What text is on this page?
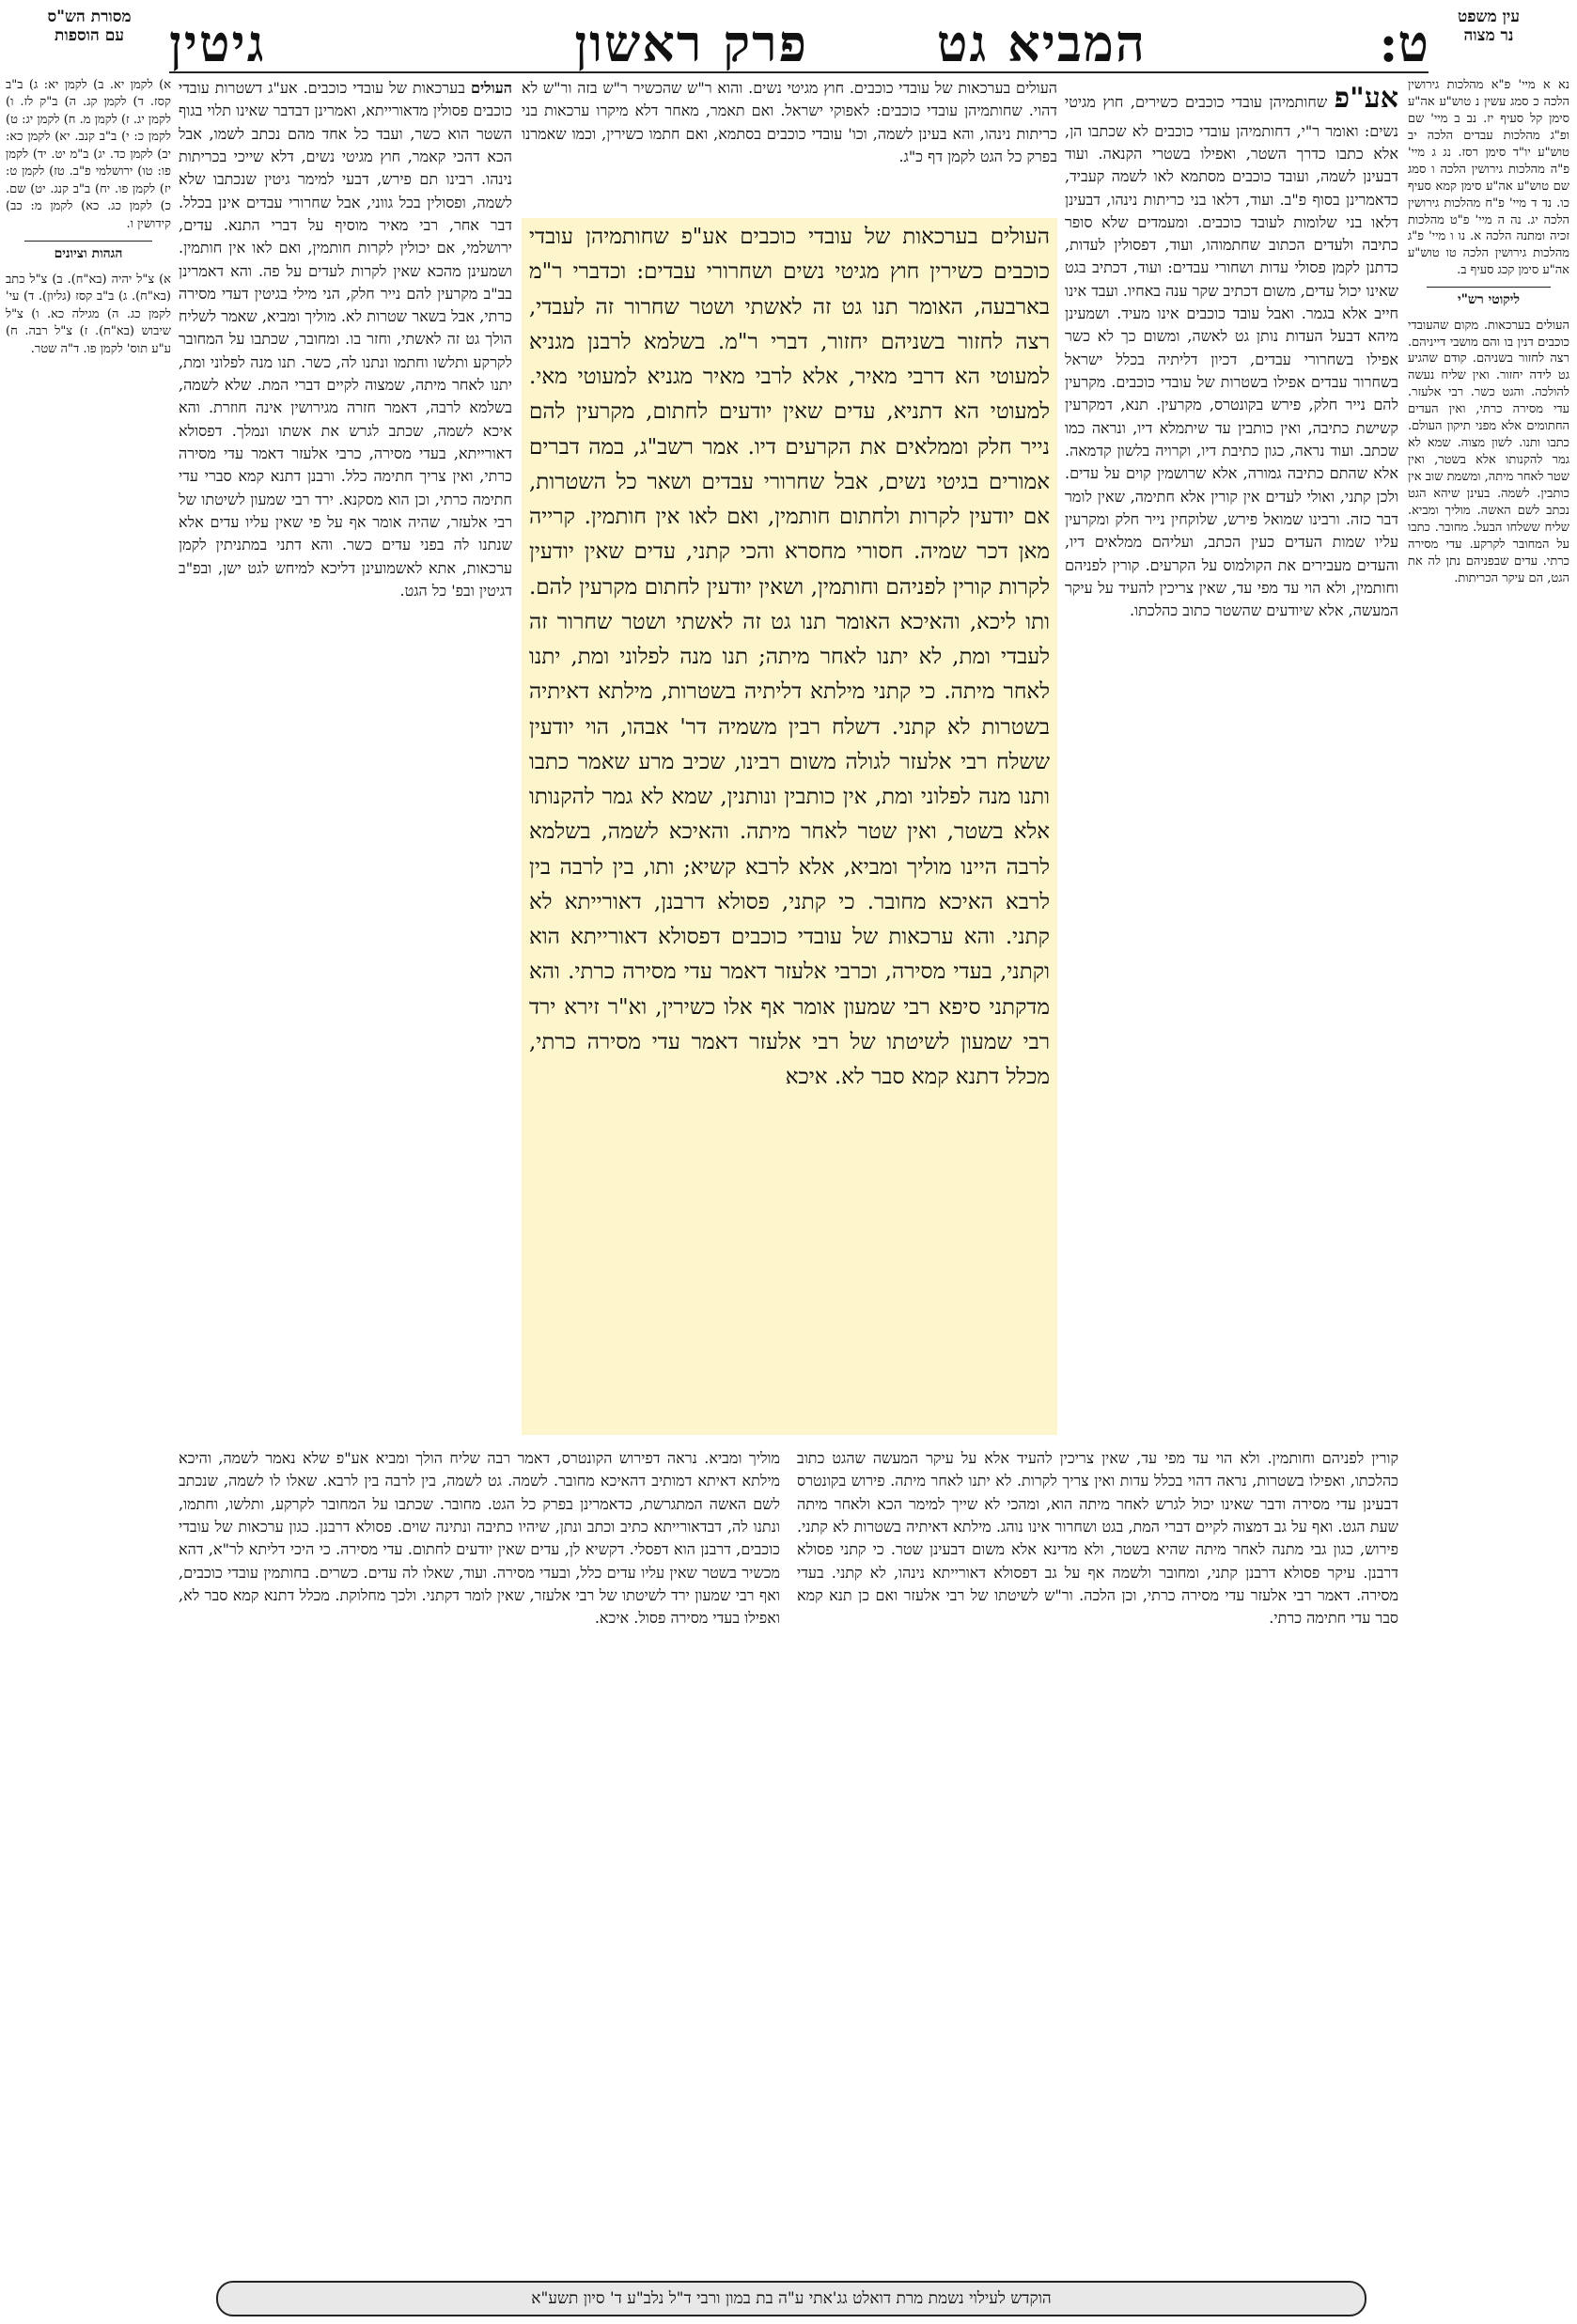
עין משפט
נר מצוה
מסורת הש"ס
עם הוספות	ט:
המביא גט
פרק ראשון
גיטין
נא א מיי' פ"א מהלכות גירושין הלכה כ סמג עשין נ טוש"ע אה"ע סימן קל סעיף יז. נב ב מיי' שם ופ"ג מהלכות עבדים הלכה יב טוש"ע יו"ד סימן רסז. נג ג מיי' פ"ה מהלכות גירושין הלכה ו סמג שם טוש"ע אה"ע סימן קמא סעיף כו. נד ד מיי' פ"ח מהלכות גירושין הלכה יג. נה ה מיי' פ"ט מהלכות זכיה ומתנה הלכה א. נו ו מיי' פ"ג מהלכות גירושין הלכה טו טוש"ע אה"ע סימן קכג סעיף ב.
ליקוטי רש"י
העולים בערכאות. מקום שהעובדי כוכבים דנין בו והם מושבי דייניהם. רצה לחזור בשניהם. קודם שהגיע גט לידה יחזור. ואין שליח נעשה להולכה. והגט כשר. רבי אלעזר. עדי מסירה כרתי, ואין העדים החתומים אלא מפני תיקון העולם. כתבו ותנו. לשון מצוה. שמא לא גמר להקנותו אלא בשטר, ואין שטר לאחר מיתה, ומשמת שוב אין כותבין. לשמה. בעינן שיהא הגט נכתב לשם האשה. מוליך ומביא. שליח ששלחו הבעל. מחובר. כתבו על המחובר לקרקע. עדי מסירה כרתי. עדים שבפניהם נתן לה את הגט, הם עיקר הכריתות.
א) לקמן יא. ב) לקמן יא: ג) ב"ב קסז. ד) לקמן קג. ה) ב"ק לז. ו) לקמן יג. ז) לקמן מ. ח) לקמן יג: ט) לקמן כ: י) ב"ב קנב. יא) לקמן כא: יב) לקמן כד. יג) ב"מ יט. יד) לקמן פו: טו) ירושלמי פ"ב. טז) לקמן ט: יז) לקמן פו. יח) ב"ב קנג. יט) שם. כ) לקמן כג. כא) לקמן מ: כב) קידושין ו.
הגהות וציונים
א) צ"ל יהיה (בא"ח). ב) צ"ל כתב (בא"ח). ג) ב"ב קסז (גליון). ד) עי' לקמן כג. ה) מגילה כא. ו) צ"ל שיבוש (בא"ח). ז) צ"ל רבה. ח) ע"ע תוס' לקמן פו. ד"ה שטר.
אע"פ שחותמיהן עובדי כוכבים כשירים, חוץ מגיטי נשים: ואומר ר"י, דחותמיהן עובדי כוכבים לא שכתבו הן, אלא כתבו כדרך השטר, ואפילו בשטרי הקנאה. ועוד דבעינן לשמה, ועובד כוכבים מסתמא לאו לשמה קעביד, כדאמרינן בסוף פ"ב. ועוד, דלאו בני כריתות נינהו, דבעינן דלאו בני שלומות לעובד כוכבים. ומעמדים שלא סופר כתיבה ולעדים הכתוב שחתמוהו, ועוד, דפסולין לעדות, כדתנן לקמן פסולי עדות ושחורי עבדים: ועוד, דכתיב בגט שאינו יכול עדים, משום דכתיב שקר ענה באחיו. ועבד אינו חייב אלא בגמר. ואבל עובד כוכבים אינו מעיד. ושמעינן מיהא דבעל העדות נותן גט לאשה, ומשום כך לא כשר אפילו בשחרורי עבדים, דכיון דליתיה בכלל ישראל בשחרור עבדים אפילו בשטרות של עובדי כוכבים. מקרעין להם נייר חלק, פירש בקונטרס, מקרעין. תנא, דמקרעין קשישת כתיבה, ואין כותבין עד שיתמלא דיו, ונראה כמו שכתב. ועוד נראה, כגון כתיבת דיו, וקרויה בלשון קדמאה. אלא שהתם כתיבה גמורה, אלא שרושמין קוים על עדים. ולכן קתני, ואולי לעדים אין קורין אלא חתימה, שאין לומר דבר כזה. ורבינו שמואל פירש, שלוקחין נייר חלק ומקרעין עליו שמות העדים כעין הכתב, ועליהם ממלאים דיו, והעדים מעבירים את הקולמוס על הקרעים. קורין לפניהם וחותמין, ולא הוי עד מפי עד, שאין צריכין להעיד על עיקר המעשה, אלא שיודעים שהשטר כתוב כהלכתו.
העולים בערכאות של עובדי כוכבים. אע"ג דשטרות עובדי כוכבים פסולין מדאורייתא, ואמרינן דבדבר שאינו תלוי בגוף השטר הוא כשר, ועבד כל אחד מהם נכתב לשמו, אבל הכא דהכי קאמר, חוץ מגיטי נשים, דלא שייכי בכריתות נינהו. רבינו תם פירש, דבעי למימר גיטין שנכתבו שלא לשמה, ופסולין בכל גווני, אבל שחרורי עבדים אינן בכלל. דבר אחר, רבי מאיר מוסיף על דברי התנא. עדים, ירושלמי, אם יכולין לקרות חותמין, ואם לאו אין חותמין. ושמעינן מהכא שאין לקרות לעדים על פה. והא דאמרינן בב"ב מקרעין להם נייר חלק, הני מילי בגיטין דעדי מסירה כרתי, אבל בשאר שטרות לא. מוליך ומביא, שאמר לשליח הולך גט זה לאשתי, וחזר בו. ומחובר, שכתבו על המחובר לקרקע ותלשו וחתמו ונתנו לה, כשר. תנו מנה לפלוני ומת, יתנו לאחר מיתה, שמצוה לקיים דברי המת. שלא לשמה, בשלמא לרבה, דאמר חזרה מגירושין אינה חוזרת. והא איכא לשמה, שכתב לגרש את אשתו ונמלך. דפסולא דאורייתא, בעדי מסירה, כרבי אלעזר דאמר עדי מסירה כרתי, ואין צריך חתימה כלל. ורבנן דתנא קמא סברי עדי חתימה כרתי, וכן הוא מסקנא. ירד רבי שמעון לשיטתו של רבי אלעזר, שהיה אומר אף על פי שאין עליו עדים אלא שנתנו לה בפני עדים כשר. והא דתני במתניתין לקמן ערכאות, אתא לאשמועינן דליכא למיחש לגט ישן, ובפ"ב דגיטין ובפ' כל הגט.
העולים בערכאות של עובדי כוכבים. חוץ מגיטי נשים. והוא ר"ש שהכשיר ר"ש בזה ור"ש לא דהוי. שחותמיהן עובדי כוכבים: לאפוקי ישראל. ואם תאמר, מאחר דלא מיקרו ערכאות בני כריתות נינהו, והא בעינן לשמה, וכו' עובדי כוכבים בסתמא, ואם חתמו כשירין, וכמו שאמרנו בפרק כל הגט לקמן דף כ"ג.
העולים בערכאות של עובדי כוכבים אע"פ שחותמיהן עובדי כוכבים כשירין חוץ מגיטי נשים ושחרורי עבדים: וכדברי ר"מ בארבעה, האומר תנו גט זה לאשתי ושטר שחרור זה לעבדי, רצה לחזור בשניהם יחזור, דברי ר"מ. בשלמא לרבנן מגניא למעוטי הא דרבי מאיר, אלא לרבי מאיר מגניא למעוטי מאי. למעוטי הא דתניא, עדים שאין יודעים לחתום, מקרעין להם נייר חלק וממלאים את הקרעים דיו. אמר רשב"ג, במה דברים אמורים בגיטי נשים, אבל שחרורי עבדים ושאר כל השטרות, אם יודעין לקרות ולחתום חותמין, ואם לאו אין חותמין. קרייה מאן דכר שמיה. חסורי מחסרא והכי קתני, עדים שאין יודעין לקרות קורין לפניהם וחותמין, ושאין יודעין לחתום מקרעין להם. ותו ליכא, והאיכא האומר תנו גט זה לאשתי ושטר שחרור זה לעבדי ומת, לא יתנו לאחר מיתה; תנו מנה לפלוני ומת, יתנו לאחר מיתה. כי קתני מילתא דליתיה בשטרות, מילתא דאיתיה בשטרות לא קתני. דשלח רבין משמיה דר' אבהו, הוי יודעין ששלח רבי אלעזר לגולה משום רבינו, שכיב מרע שאמר כתבו ותנו מנה לפלוני ומת, אין כותבין ונותנין, שמא לא גמר להקנותו אלא בשטר, ואין שטר לאחר מיתה. והאיכא לשמה, בשלמא לרבה היינו מוליך ומביא, אלא לרבא קשיא; ותו, בין לרבה בין לרבא האיכא מחובר. כי קתני, פסולא דרבנן, דאורייתא לא קתני. והא ערכאות של עובדי כוכבים דפסולא דאורייתא הוא וקתני, בעדי מסירה, וכרבי אלעזר דאמר עדי מסירה כרתי. והא מדקתני סיפא רבי שמעון אומר אף אלו כשירין, וא"ר זירא ירד רבי שמעון לשיטתו של רבי אלעזר דאמר עדי מסירה כרתי, מכלל דתנא קמא סבר לא. איכא
קורין לפניהם וחותמין. ולא הוי עד מפי עד, שאין צריכין להעיד אלא על עיקר המעשה שהגט כתוב כהלכתו, ואפילו בשטרות, נראה דהוי בכלל עדות ואין צריך לקרות. לא יתנו לאחר מיתה. פירוש בקונטרס דבעינן עדי מסירה ודבר שאינו יכול לגרש לאחר מיתה הוא, ומהכי לא שייך למימר הכא ולאחר מיתה שעת הגט. ואף על גב דמצוה לקיים דברי המת, בגט ושחרור אינו נוהג. מילתא דאיתיה בשטרות לא קתני. פירוש, כגון גבי מתנה לאחר מיתה שהיא בשטר, ולא מדינא אלא משום דבעינן שטר. כי קתני פסולא דרבנן. עיקר פסולא דרבנן קתני, ומחובר ולשמה אף על גב דפסולא דאורייתא נינהו, לא קתני. בעדי מסירה. דאמר רבי אלעזר עדי מסירה כרתי, וכן הלכה. ור"ש לשיטתו של רבי אלעזר ואם כן תנא קמא סבר עדי חתימה כרתי.
מוליך ומביא. נראה דפירוש הקונטרס, דאמר רבה שליח הולך ומביא אע"פ שלא נאמר לשמה, והיכא מילתא דאיתא דמותיב דהאיכא מחובר. לשמה. גט לשמה, בין לרבה בין לרבא. שאלו לו לשמה, שנכתב לשם האשה המתגרשת, כדאמרינן בפרק כל הגט. מחובר. שכתבו על המחובר לקרקע, ותלשו, וחתמו, ונתנו לה, דבדאורייתא כתיב וכתב ונתן, שיהיו כתיבה ונתינה שוים. פסולא דרבנן. כגון ערכאות של עובדי כוכבים, דרבנן הוא דפסלי. דקשיא לן, עדים שאין יודעים לחתום. עדי מסירה. כי היכי דליתא לר"א, דהא מכשיר בשטר שאין עליו עדים כלל, ובעדי מסירה. ועוד, שאלו לה עדים. כשרים. בחותמין עובדי כוכבים, ואף רבי שמעון ירד לשיטתו של רבי אלעזר, שאין לומר דקתני. ולכך מחלוקת. מכלל דתנא קמא סבר לא, ואפילו בעדי מסירה פסול. איכא.
הוקדש לעילוי נשמת מרת דואלט גג'אתי ע"ה בת במון ורבי ד"ל נלב"ע ד' סיון תשע"א
